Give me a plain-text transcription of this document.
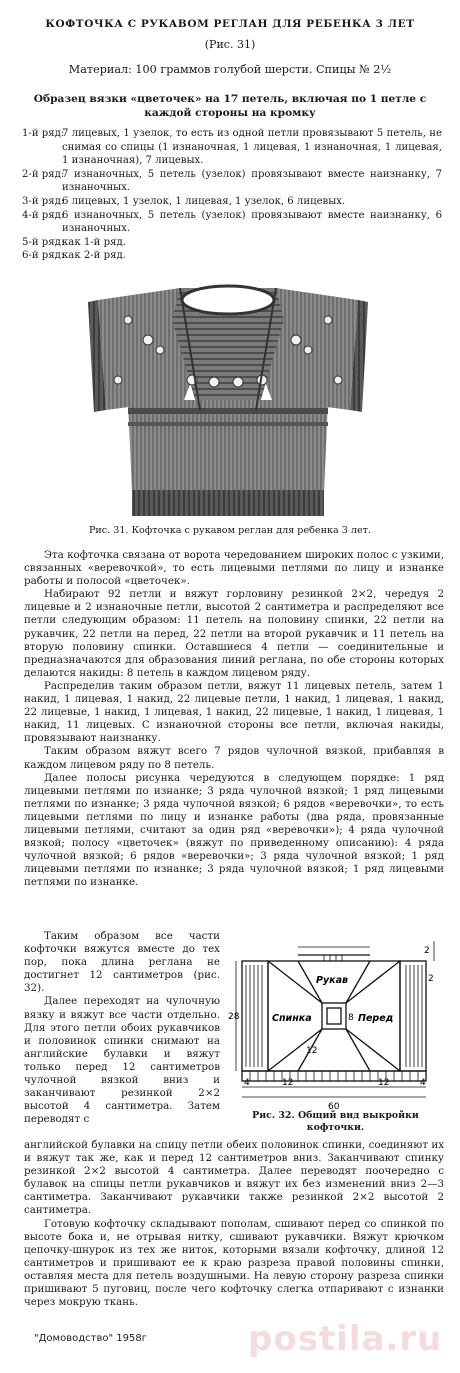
КОФТОЧКА С РУКАВОМ РЕГЛАН ДЛЯ РЕБЕНКА 3 ЛЕТ
(Рис. 31)
Материал: 100 граммов голубой шерсти. Спицы № 2½
Образец вязки «цветочек» на 17 петель, включая по 1 петле с каждой стороны на кромку
1-й ряд:
7 лицевых, 1 узелок, то есть из одной петли провязывают 5 петель, не снимая со спицы (1 изнаночная, 1 лицевая, 1 изнаночная, 1 лицевая, 1 изнаночная), 7 лицевых.
2-й ряд:
7 изнаночных, 5 петель (узелок) провязывают вместе наизнанку, 7 изнаночных.
3-й ряд:
6 лицевых, 1 узелок, 1 лицевая, 1 узелок, 6 лицевых.
4-й ряд:
6 изнаночных, 5 петель (узелок) провязывают вместе наизнанку, 6 изнаночных.
5-й ряд:
как 1-й ряд.
6-й ряд:
как 2-й ряд.
Рис. 31. Кофточка с рукавом реглан для ребенка 3 лет.

Эта кофточка связана от ворота чередованием широких полос с узкими, связанных «веревочкой», то есть лицевыми петлями по лицу и изнанке работы и полосой «цветочек».

Набирают 92 петли и вяжут горловину резинкой 2×2, чередуя 2 лицевые и 2 изнаночные петли, высотой 2 сантиметра и распределяют все петли следующим образом: 11 петель на половину спинки, 22 петли на рукавчик, 22 петли на перед, 22 петли на второй рукавчик и 11 петель на вторую половину спинки. Оставшиеся 4 петли — соединительные и предназначаются для образования линий реглана, по обе стороны которых делаются накиды: 8 петель в каждом лицевом ряду.

Распределив таким образом петли, вяжут 11 лицевых петель, затем 1 накид, 1 лицевая, 1 накид, 22 лицевые петли, 1 накид, 1 лицевая, 1 накид, 22 лицевые, 1 накид, 1 лицевая, 1 накид, 22 лицевые, 1 накид, 1 лицевая, 1 накид, 11 лицевых. С изнаночной стороны все петли, включая накиды, провязывают наизнанку.

Таким образом вяжут всего 7 рядов чулочной вязкой, прибавляя в каждом лицевом ряду по 8 петель.

Далее полосы рисунка чередуются в следующем порядке: 1 ряд лицевыми петлями по изнанке; 3 ряда чулочной вязкой; 1 ряд лицевыми петлями по изнанке; 3 ряда чулочной вязкой; 6 рядов «веревочки», то есть лицевыми петлями по лицу и изнанке работы (два ряда, провязанные лицевыми петлями, считают за один ряд «веревочки»); 4 ряда чулочной вязкой; полосу «цветочек» (вяжут по приведенному описанию): 4 ряда чулочной вязкой; 6 рядов «веревочки»; 3 ряда чулочной вязкой; 1 ряд лицевыми петлями по изнанке; 3 ряда чулочной вязкой; 1 ряд лицевыми петлями по изнанке.

Таким образом все части кофточки вяжутся вместе до тех пор, пока длина реглана не достигнет 12 сантиметров (рис. 32).

Далее переходят на чулочную вязку и вяжут все части отдельно. Для этого петли обоих рукавчиков и половинок спинки снимают на английские булавки и вяжут только перед 12 сантиметров чулочной вязкой вниз и заканчивают резинкой 2×2 высотой 4 сантиметра. Затем переводят с

Рукав
Спинка	Перед
28	8
12
4	12	12	4
60
2
2
Рис. 32. Общий вид выкройки кофточки.

английской булавки на спицу петли обеих половинок спинки, соединяют их и вяжут так же, как и перед 12 сантиметров вниз. Заканчивают спинку резинкой 2×2 высотой 4 сантиметра. Далее переводят поочередно с булавок на спицы петли рукавчиков и вяжут их без изменений вниз 2—3 сантиметра. Заканчивают рукавчики также резинкой 2×2 высотой 2 сантиметра.

Готовую кофточку складывают пополам, сшивают перед со спинкой по высоте бока и, не отрывая нитку, сшивают рукавчики. Вяжут крючком цепочку-шнурок из тех же ниток, которыми вязали кофточку, длиной 12 сантиметров и пришивают ее к краю разреза правой половины спинки, оставляя места для петель воздушными. На левую сторону разреза спинки пришивают 5 пуговиц, после чего кофточку слегка отпаривают с изнанки через мокрую ткань.

"Домоводство" 1958г	postila.ru
